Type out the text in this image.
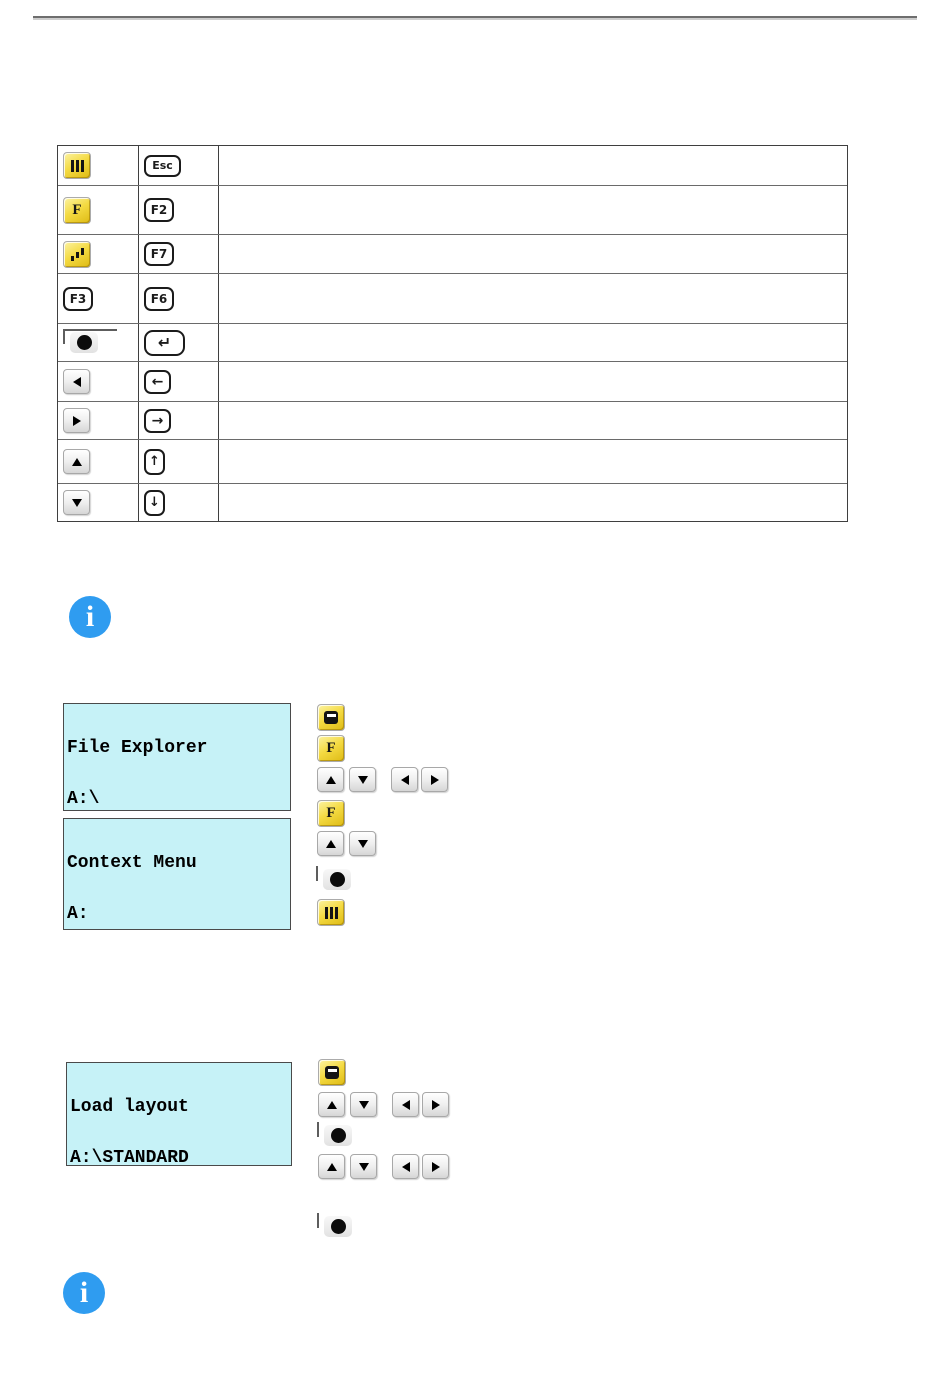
Esc
F	F2
F7
F3	F6
↵
←
→
↑
↓
i

File Explorer

A:\

Context Menu

A:

F
F

Load layout

A:\STANDARD

i
